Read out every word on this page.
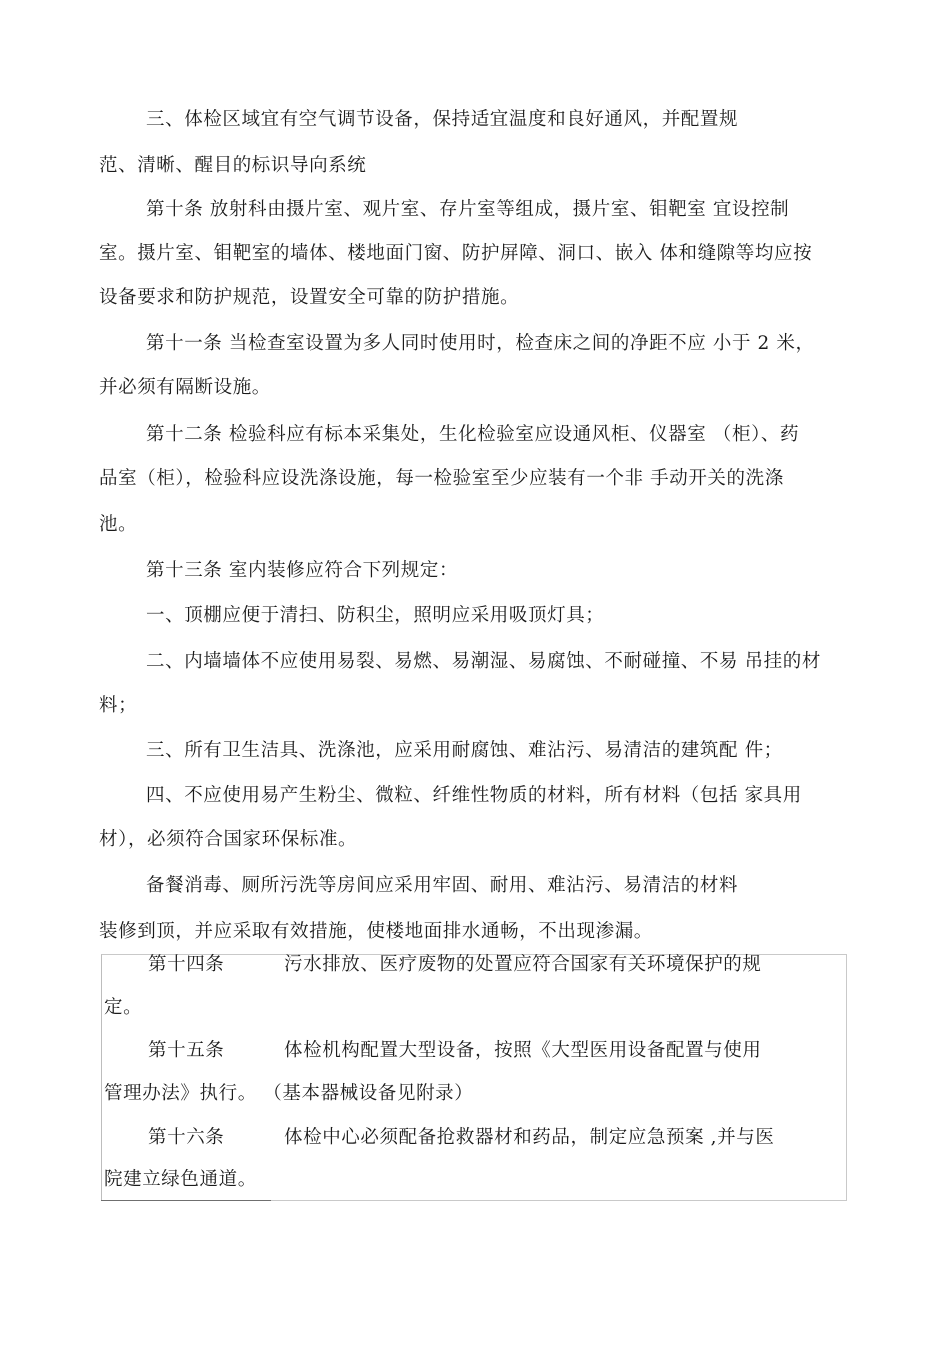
三、体检区域宜有空气调节设备，保持适宜温度和良好通风，并配置规

范、清晰、醒目的标识导向系统

第十条 放射科由摄片室、观片室、存片室等组成，摄片室、钼靶室 宜设控制

室。摄片室、钼靶室的墙体、楼地面门窗、防护屏障、洞口、嵌入 体和缝隙等均应按

设备要求和防护规范，设置安全可靠的防护措施。

第十一条 当检查室设置为多人同时使用时，检查床之间的净距不应 小于 2 米，

并必须有隔断设施。

第十二条 检验科应有标本采集处，生化检验室应设通风柜、仪器室 （柜）、药

品室（柜），检验科应设洗涤设施，每一检验室至少应装有一个非 手动开关的洗涤

池。

第十三条 室内装修应符合下列规定：

一、顶棚应便于清扫、防积尘，照明应采用吸顶灯具；

二、内墙墙体不应使用易裂、易燃、易潮湿、易腐蚀、不耐碰撞、不易 吊挂的材

料；

三、所有卫生洁具、洗涤池，应采用耐腐蚀、难沾污、易清洁的建筑配 件；

四、不应使用易产生粉尘、微粒、纤维性物质的材料，所有材料（包括 家具用

材），必须符合国家环保标准。

备餐消毒、厕所污洗等房间应采用牢固、耐用、难沾污、易清洁的材料

装修到顶，并应采取有效措施，使楼地面排水通畅，不出现渗漏。

第十四条	污水排放、医疗废物的处置应符合国家有关环境保护的规
定。
第十五条	体检机构配置大型设备，按照《大型医用设备配置与使用
管理办法》执行。 （基本器械设备见附录）
第十六条	体检中心必须配备抢救器材和药品，制定应急预案 ,并与医
院建立绿色通道。
